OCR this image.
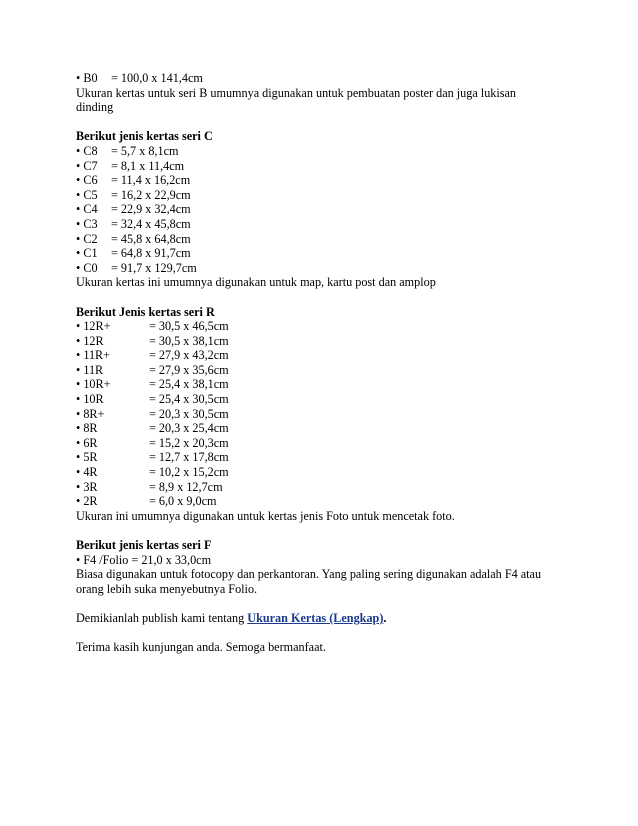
• B0 = 100,0 x 141,4cm
Ukuran kertas untuk seri B umumnya digunakan untuk pembuatan poster dan juga lukisan
dinding
Berikut jenis kertas seri C
• C8 = 5,7 x 8,1cm
• C7 = 8,1 x 11,4cm
• C6 = 11,4 x 16,2cm
• C5 = 16,2 x 22,9cm
• C4 = 22,9 x 32,4cm
• C3 = 32,4 x 45,8cm
• C2 = 45,8 x 64,8cm
• C1 = 64,8 x 91,7cm
• C0 = 91,7 x 129,7cm
Ukuran kertas ini umumnya digunakan untuk map, kartu post dan amplop
Berikut Jenis kertas seri R
• 12R+	= 30,5 x 46,5cm
• 12R	= 30,5 x 38,1cm
• 11R+	= 27,9 x 43,2cm
• 11R	= 27,9 x 35,6cm
• 10R+	= 25,4 x 38,1cm
• 10R	= 25,4 x 30,5cm
• 8R+	= 20,3 x 30,5cm
• 8R	= 20,3 x 25,4cm
• 6R	= 15,2 x 20,3cm
• 5R	= 12,7 x 17,8cm
• 4R	= 10,2 x 15,2cm
• 3R	= 8,9 x 12,7cm
• 2R	= 6,0 x 9,0cm
Ukuran ini umumnya digunakan untuk kertas jenis Foto untuk mencetak foto.
Berikut jenis kertas seri F
• F4 /Folio = 21,0 x 33,0cm
Biasa digunakan untuk fotocopy dan perkantoran. Yang paling sering digunakan adalah F4 atau
orang lebih suka menyebutnya Folio.
Demikianlah publish kami tentang Ukuran Kertas (Lengkap).
Terima kasih kunjungan anda. Semoga bermanfaat.
